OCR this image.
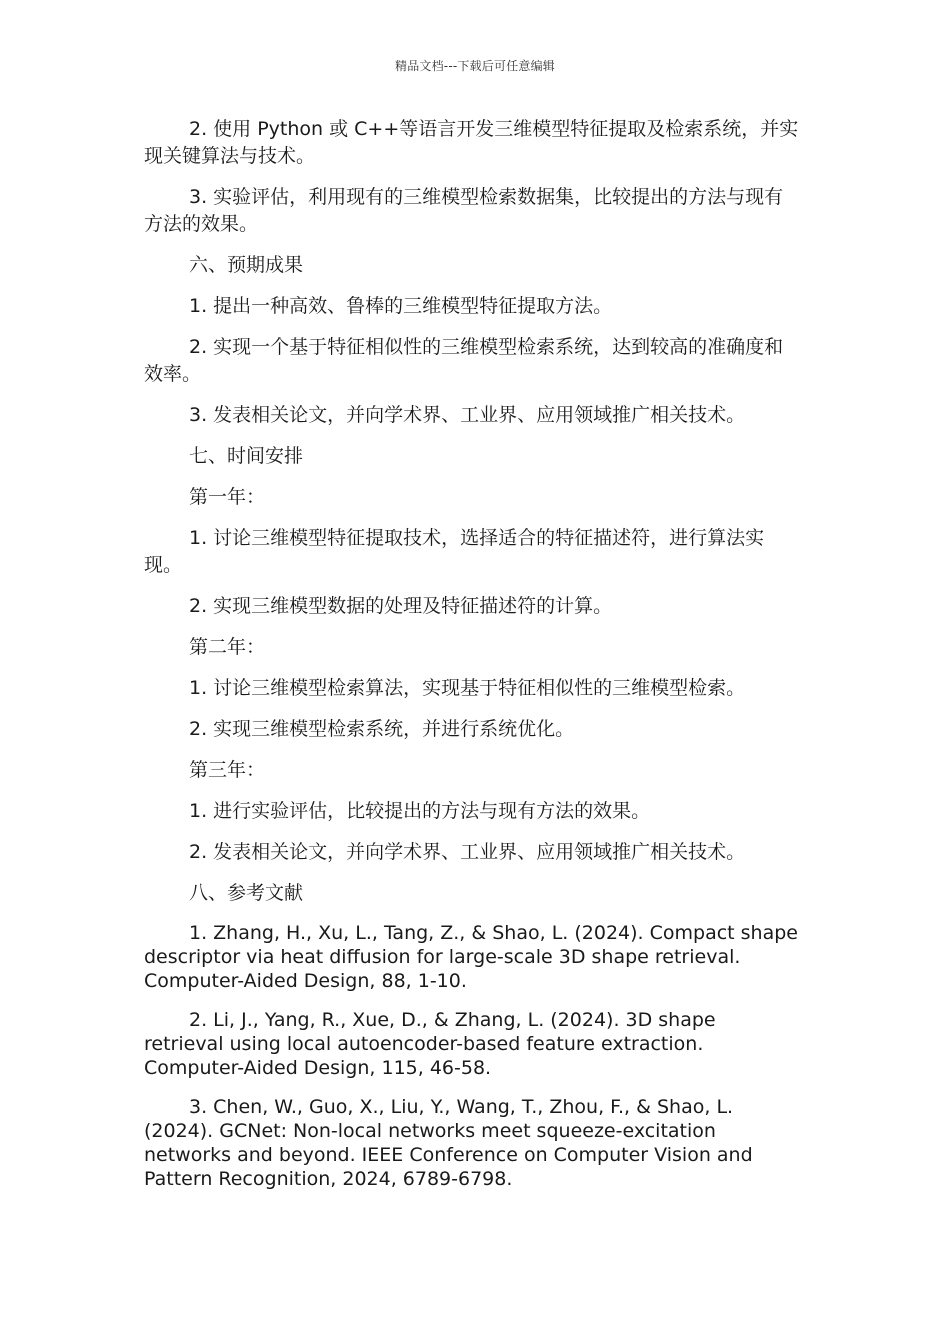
精品文档---下载后可任意编辑

2. 使用 Python 或 C++等语言开发三维模型特征提取及检索系统，并实现关键算法与技术。

3. 实验评估，利用现有的三维模型检索数据集，比较提出的方法与现有方法的效果。

六、预期成果

1. 提出一种高效、鲁棒的三维模型特征提取方法。

2. 实现一个基于特征相似性的三维模型检索系统，达到较高的准确度和效率。

3. 发表相关论文，并向学术界、工业界、应用领域推广相关技术。

七、时间安排

第一年：

1. 讨论三维模型特征提取技术，选择适合的特征描述符，进行算法实现。

2. 实现三维模型数据的处理及特征描述符的计算。

第二年：

1. 讨论三维模型检索算法，实现基于特征相似性的三维模型检索。

2. 实现三维模型检索系统，并进行系统优化。

第三年：

1. 进行实验评估，比较提出的方法与现有方法的效果。

2. 发表相关论文，并向学术界、工业界、应用领域推广相关技术。

八、参考文献

1. Zhang, H., Xu, L., Tang, Z., & Shao, L. (2024). Compact shape descriptor via heat diffusion for large-scale 3D shape retrieval. Computer-Aided Design, 88, 1-10.

2. Li, J., Yang, R., Xue, D., & Zhang, L. (2024). 3D shape retrieval using local autoencoder-based feature extraction. Computer-Aided Design, 115, 46-58.

3. Chen, W., Guo, X., Liu, Y., Wang, T., Zhou, F., & Shao, L. (2024). GCNet: Non-local networks meet squeeze-excitation networks and beyond. IEEE Conference on Computer Vision and Pattern Recognition, 2024, 6789-6798.
